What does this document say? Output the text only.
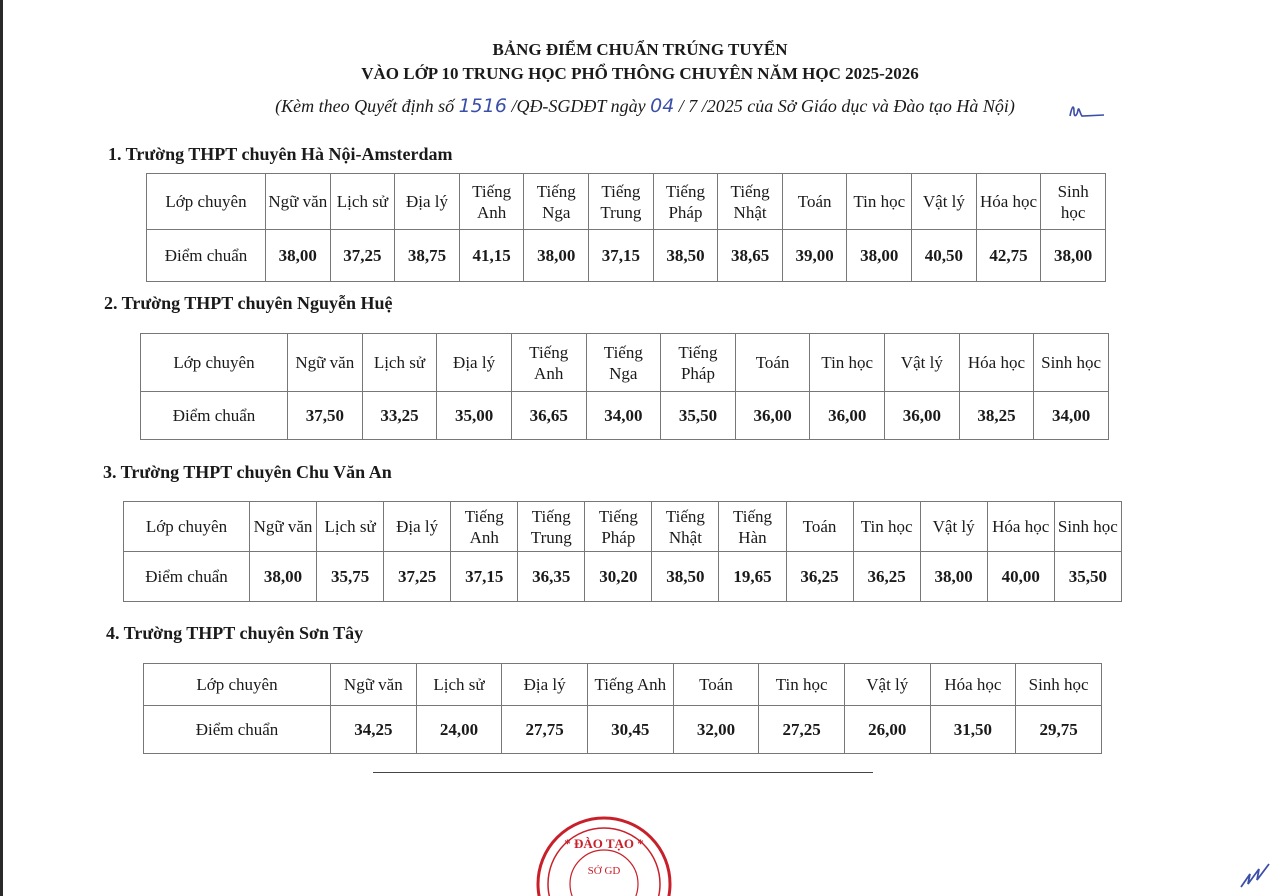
BẢNG ĐIỂM CHUẨN TRÚNG TUYỂN
VÀO LỚP 10 TRUNG HỌC PHỔ THÔNG CHUYÊN NĂM HỌC 2025-2026
(Kèm theo Quyết định số 1516 /QĐ-SGDĐT ngày 04 / 7 /2025 của Sở Giáo dục và Đào tạo Hà Nội)
1. Trường THPT chuyên Hà Nội-Amsterdam
Lớp chuyên	Ngữ văn	Lịch sử	Địa lý	Tiếng Anh	Tiếng Nga	Tiếng Trung	Tiếng Pháp	Tiếng Nhật	Toán	Tin học	Vật lý	Hóa học	Sinh học
Điểm chuẩn	38,00	37,25	38,75	41,15	38,00	37,15	38,50	38,65	39,00	38,00	40,50	42,75	38,00
2. Trường THPT chuyên Nguyễn Huệ
Lớp chuyên	Ngữ văn	Lịch sử	Địa lý	Tiếng Anh	Tiếng Nga	Tiếng Pháp	Toán	Tin học	Vật lý	Hóa học	Sinh học
Điểm chuẩn	37,50	33,25	35,00	36,65	34,00	35,50	36,00	36,00	36,00	38,25	34,00
3. Trường THPT chuyên Chu Văn An
Lớp chuyên	Ngữ văn	Lịch sử	Địa lý	Tiếng Anh	Tiếng Trung	Tiếng Pháp	Tiếng Nhật	Tiếng Hàn	Toán	Tin học	Vật lý	Hóa học	Sinh học
Điểm chuẩn	38,00	35,75	37,25	37,15	36,35	30,20	38,50	19,65	36,25	36,25	38,00	40,00	35,50
4. Trường THPT chuyên Sơn Tây
Lớp chuyên	Ngữ văn	Lịch sử	Địa lý	Tiếng Anh	Toán	Tin học	Vật lý	Hóa học	Sinh học
Điểm chuẩn	34,25	24,00	27,75	30,45	32,00	27,25	26,00	31,50	29,75
* ĐÀO TẠO *
SỞ GD
